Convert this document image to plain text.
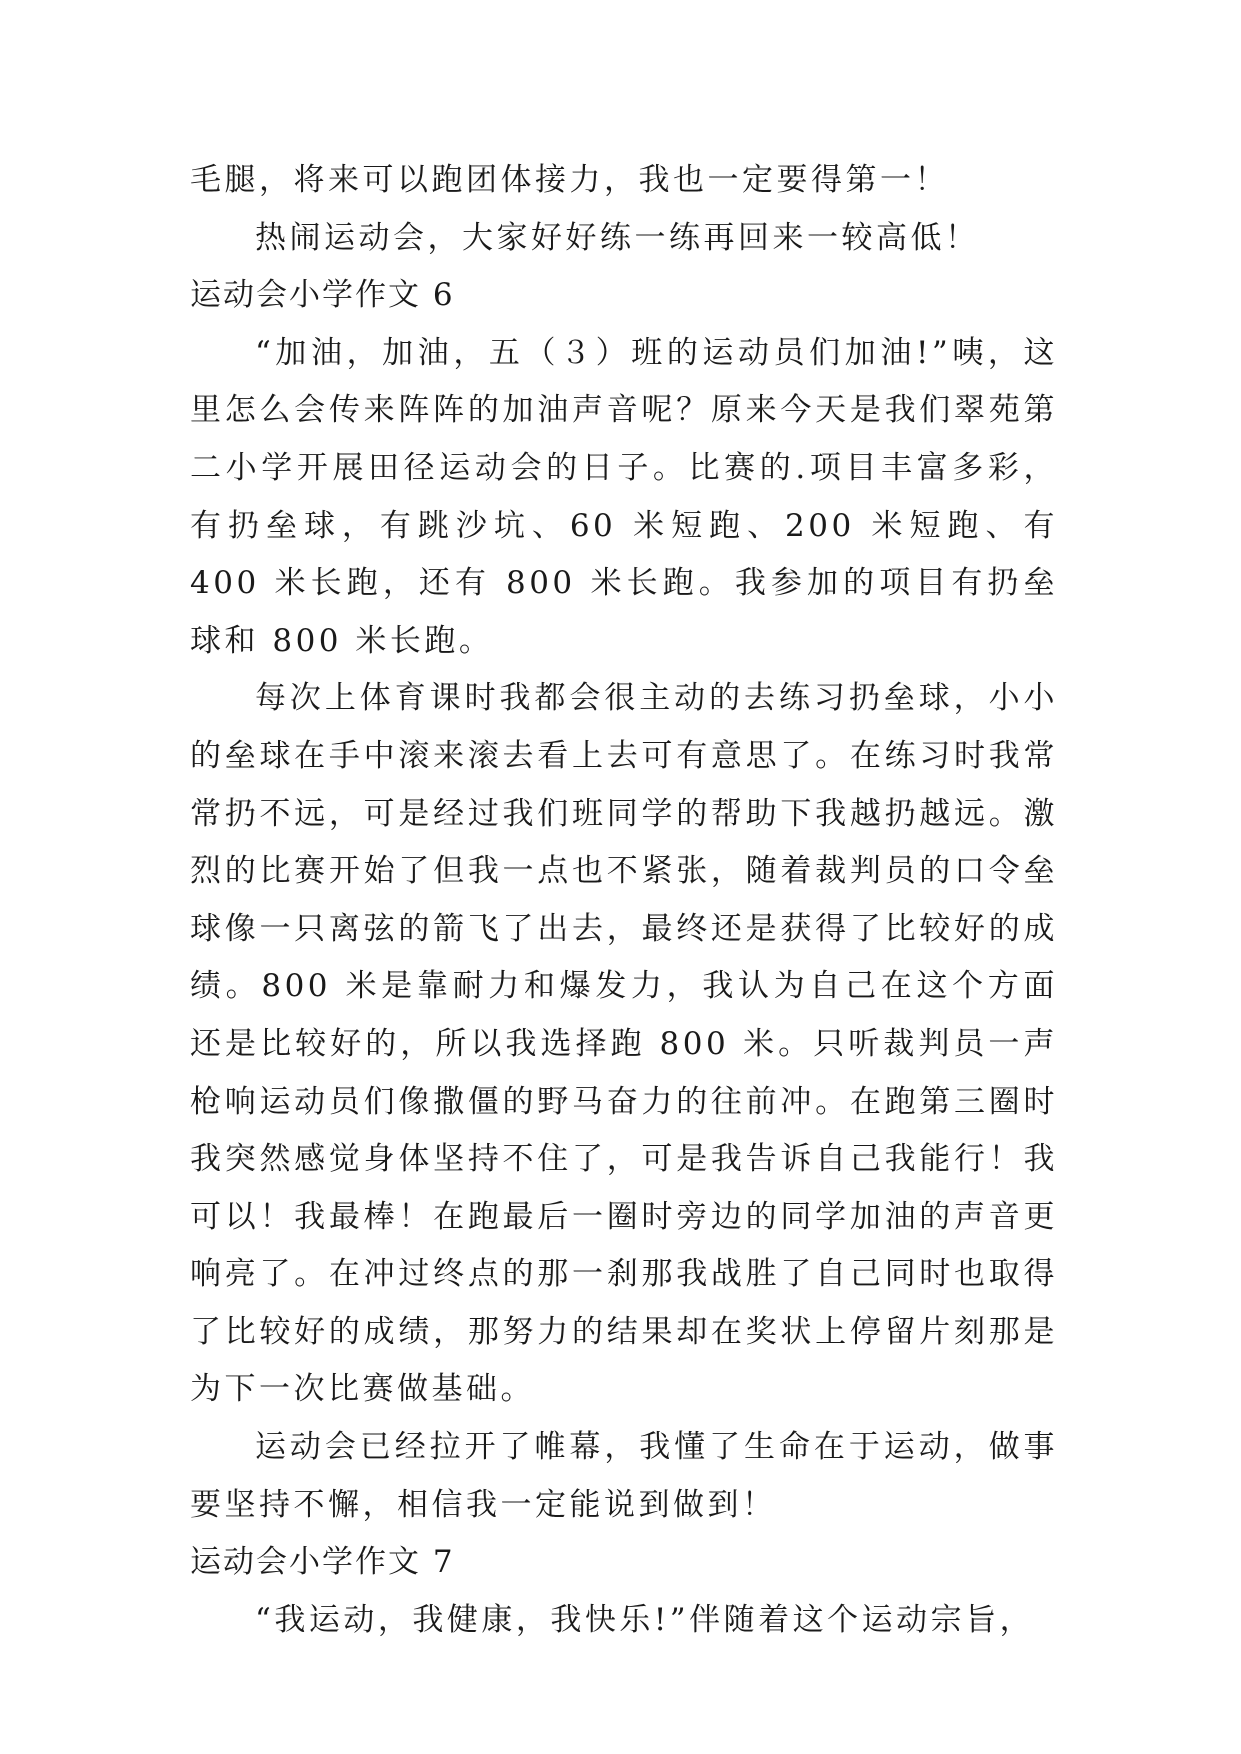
毛腿，将来可以跑团体接力，我也一定要得第一！

热闹运动会，大家好好练一练再回来一较高低！

运动会小学作文 6

“加油，加油，五（３）班的运动员们加油!”咦，这里怎么会传来阵阵的加油声音呢？原来今天是我们翠苑第二小学开展田径运动会的日子。比赛的.项目丰富多彩，有扔垒球，有跳沙坑、60 米短跑、200 米短跑、有 400 米长跑，还有 800 米长跑。我参加的项目有扔垒球和 800 米长跑。

每次上体育课时我都会很主动的去练习扔垒球，小小的垒球在手中滚来滚去看上去可有意思了。在练习时我常常扔不远，可是经过我们班同学的帮助下我越扔越远。激烈的比赛开始了但我一点也不紧张，随着裁判员的口令垒球像一只离弦的箭飞了出去，最终还是获得了比较好的成绩。800 米是靠耐力和爆发力，我认为自己在这个方面还是比较好的，所以我选择跑 800 米。只听裁判员一声枪响运动员们像撒僵的野马奋力的往前冲。在跑第三圈时我突然感觉身体坚持不住了，可是我告诉自己我能行！我可以！我最棒！在跑最后一圈时旁边的同学加油的声音更响亮了。在冲过终点的那一刹那我战胜了自己同时也取得了比较好的成绩，那努力的结果却在奖状上停留片刻那是为下一次比赛做基础。

运动会已经拉开了帷幕，我懂了生命在于运动，做事要坚持不懈，相信我一定能说到做到！

运动会小学作文 7

“我运动，我健康，我快乐!”伴随着这个运动宗旨，
